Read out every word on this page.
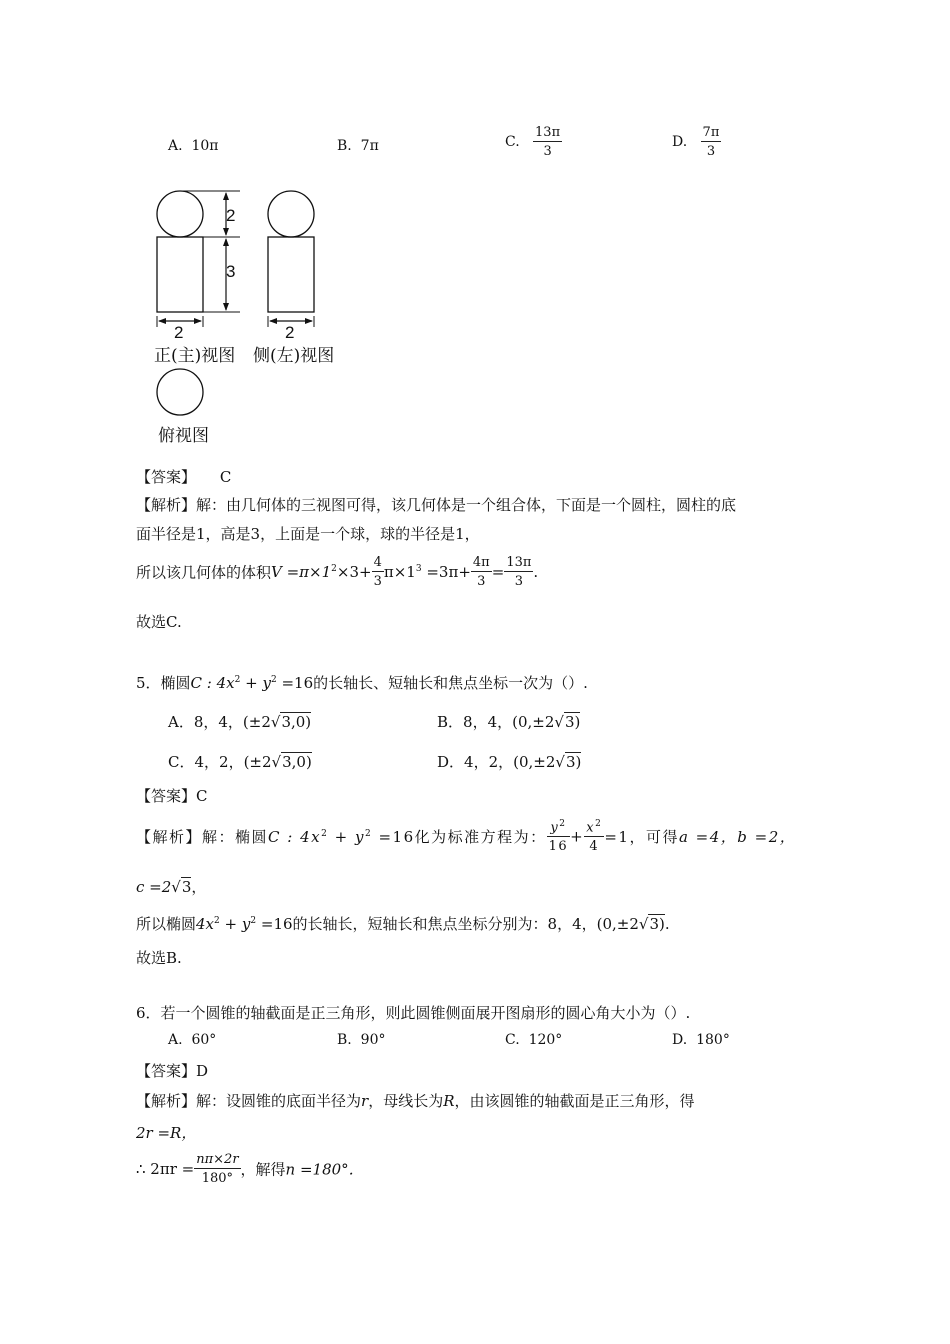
A. 10π	B. 7π	C. $\frac{13\pi}{3}$	D. $\frac{7\pi}{3}$
2
3
2	2
正(主)视图 侧(左)视图
俯视图
【答案】 C
【解析】解：由几何体的三视图可得，该几何体是一个组合体，下面是一个圆柱，圆柱的底
面半径是1，高是3，上面是一个球，球的半径是1，
所以该几何体的体积$V =\pi\times 1^2\times 3+ \frac{4}{3} \pi\times 1^3 =3\pi+ \frac{4\pi}{3} = \frac{13\pi}{3}$ .
故选C.
5．椭圆C : $4x^2 + y^2 =16$的长轴长、短轴长和焦点坐标一次为（）.
A．8，4，(±2√3,0)	B．8，4，(0,±2√3)
C．4，2，(±2√3,0)	D．4，2，(0,±2√3)
【答案】C
【解析】解：椭圆C : $4x^2 + y^2 =16$化为标准方程为： $\frac{y^2}{16} + \frac{x^2}{4} =1$，可得a =4，b =2，
c =2√3，
所以椭圆$4x^2 + y^2 =16$的长轴长，短轴长和焦点坐标分别为：8，4，(0,±2√3).
故选B.
6．若一个圆锥的轴截面是正三角形，则此圆锥侧面展开图扇形的圆心角大小为（）.
A. 60°	B. 90°	C. 120°	D. 180°
【答案】D
【解析】解：设圆锥的底面半径为r，母线长为R，由该圆锥的轴截面是正三角形，得
2r =R，
∴ $2\pi r = \frac{n\pi\times 2r}{180^\circ}$ ，解得n =180°．
